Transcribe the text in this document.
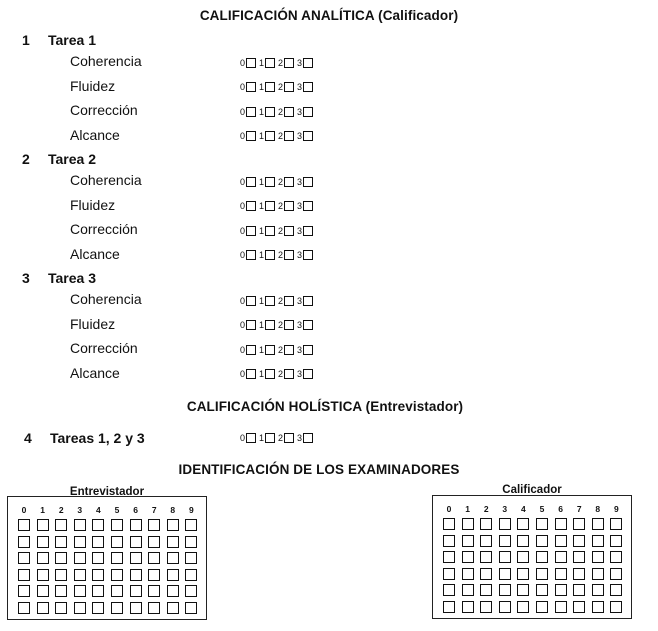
CALIFICACIÓN ANALÍTICA (Calificador)
1 Tarea 1
Coherencia	0 1 2 3
Fluidez	0 1 2 3
Corrección	0 1 2 3
Alcance	0 1 2 3
2 Tarea 2
Coherencia	0 1 2 3
Fluidez	0 1 2 3
Corrección	0 1 2 3
Alcance	0 1 2 3
3 Tarea 3
Coherencia	0 1 2 3
Fluidez	0 1 2 3
Corrección	0 1 2 3
Alcance	0 1 2 3
CALIFICACIÓN HOLÍSTICA (Entrevistador)
4 Tareas 1, 2 y 3	0 1 2 3
IDENTIFICACIÓN DE LOS EXAMINADORES
Entrevistador
0	1	2	3	4	5	6	7	8	9
Calificador
0	1	2	3	4	5	6	7	8	9
